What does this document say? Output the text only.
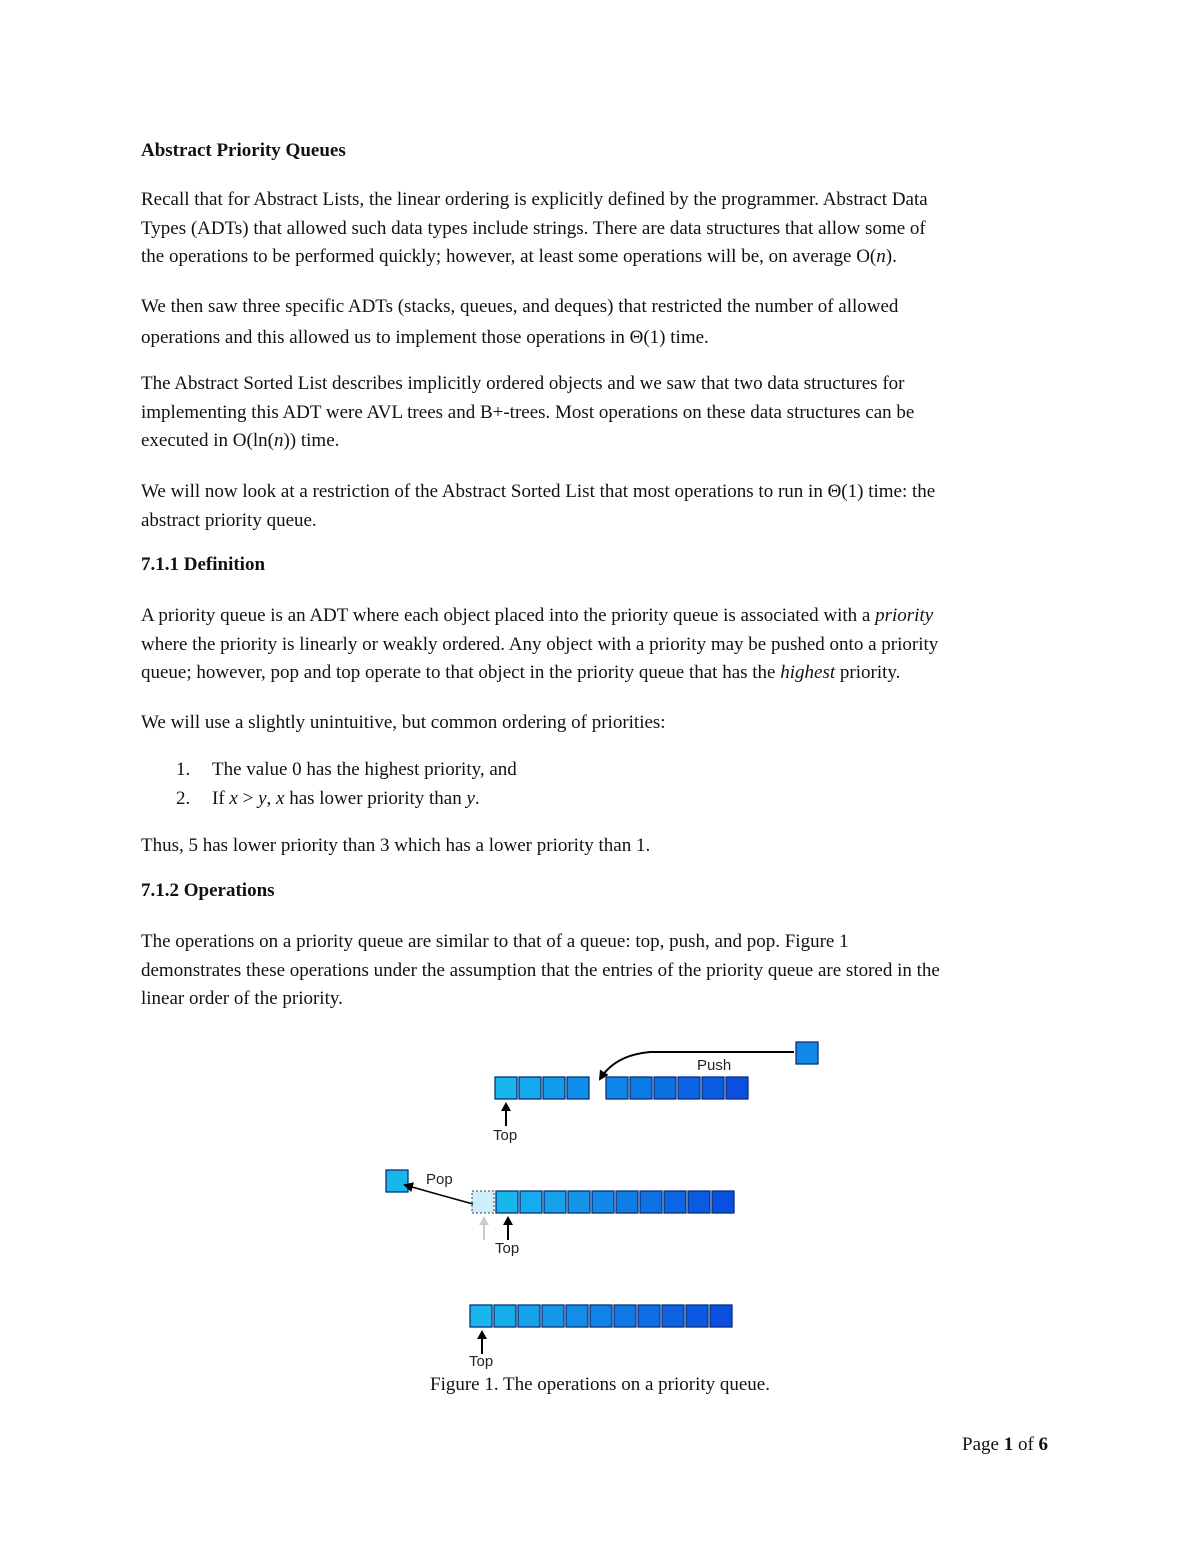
Abstract Priority Queues

Recall that for Abstract Lists, the linear ordering is explicitly defined by the programmer. Abstract Data

Types (ADTs) that allowed such data types include strings. There are data structures that allow some of

the operations to be performed quickly; however, at least some operations will be, on average O(n).

We then saw three specific ADTs (stacks, queues, and deques) that restricted the number of allowed

operations and this allowed us to implement those operations in Θ(1) time.

The Abstract Sorted List describes implicitly ordered objects and we saw that two data structures for

implementing this ADT were AVL trees and B+-trees. Most operations on these data structures can be

executed in O(ln(n)) time.

We will now look at a restriction of the Abstract Sorted List that most operations to run in Θ(1) time: the

abstract priority queue.

7.1.1 Definition

A priority queue is an ADT where each object placed into the priority queue is associated with a priority

where the priority is linearly or weakly ordered. Any object with a priority may be pushed onto a priority

queue; however, pop and top operate to that object in the priority queue that has the highest priority.

We will use a slightly unintuitive, but common ordering of priorities:
1.	The value 0 has the highest priority, and
2.	If x > y, x has lower priority than y.
Thus, 5 has lower priority than 3 which has a lower priority than 1.
7.1.2 Operations

The operations on a priority queue are similar to that of a queue: top, push, and pop. Figure 1

demonstrates these operations under the assumption that the entries of the priority queue are stored in the

linear order of the priority.

Push
Pop
Top
Top
Top
Figure 1. The operations on a priority queue.
Page 1 of 6
